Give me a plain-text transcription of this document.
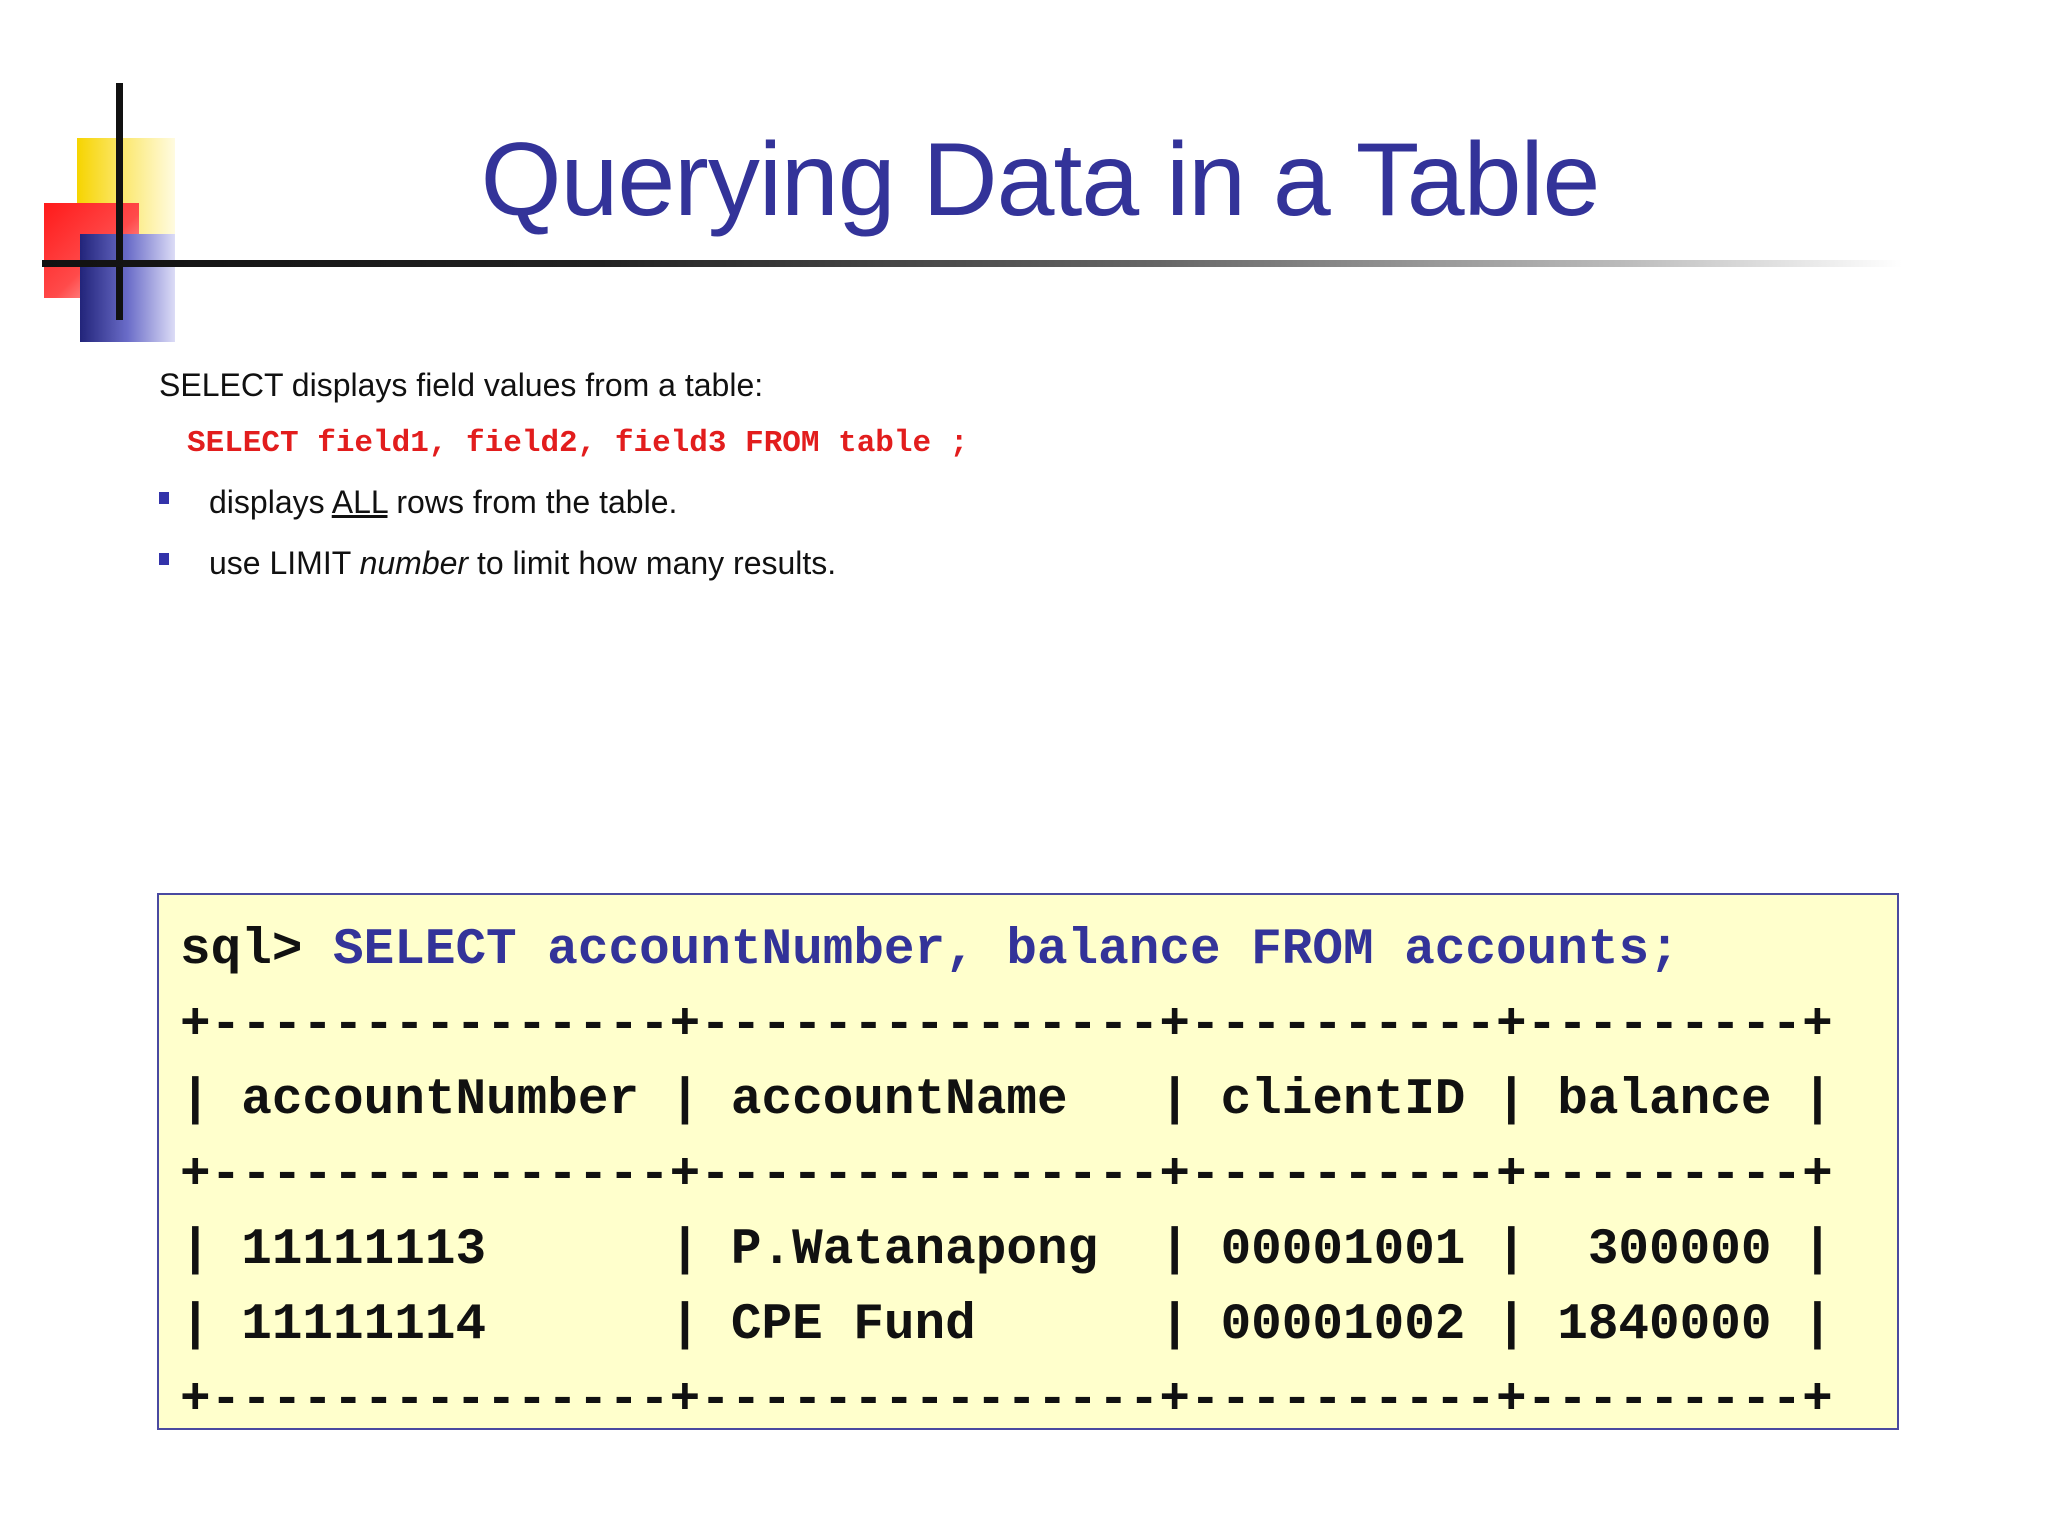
Querying Data in a Table
SELECT displays field values from a table:
SELECT field1, field2, field3 FROM table ;
displays ALL rows from the table.
use LIMIT number to limit how many results.
sql> SELECT accountNumber, balance FROM accounts;
+---------------+---------------+----------+---------+
| accountNumber | accountName   | clientID | balance |
+---------------+---------------+----------+---------+
| 11111113      | P.Watanapong  | 00001001 |  300000 |
| 11111114      | CPE Fund      | 00001002 | 1840000 |
+---------------+---------------+----------+---------+
